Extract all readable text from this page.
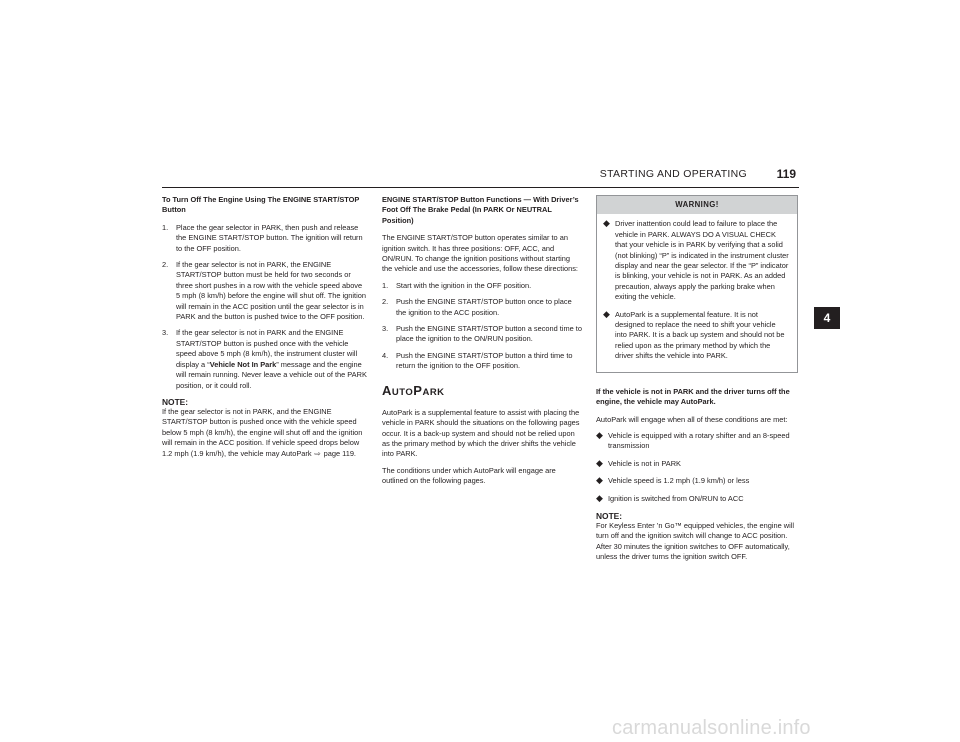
STARTING AND OPERATING 119
To Turn Off The Engine Using The ENGINE START/STOP Button
1. Place the gear selector in PARK, then push and release the ENGINE START/STOP button. The ignition will return to the OFF position.
2. If the gear selector is not in PARK, the ENGINE START/STOP button must be held for two seconds or three short pushes in a row with the vehicle speed above 5 mph (8 km/h) before the engine will shut off. The ignition will remain in the ACC position until the gear selector is in PARK and the button is pushed twice to the OFF position.
3. If the gear selector is not in PARK and the ENGINE START/STOP button is pushed once with the vehicle speed above 5 mph (8 km/h), the instrument cluster will display a “Vehicle Not In Park” message and the engine will remain running. Never leave a vehicle out of the PARK position, or it could roll.
NOTE:
If the gear selector is not in PARK, and the ENGINE START/STOP button is pushed once with the vehicle speed below 5 mph (8 km/h), the engine will shut off and the ignition will remain in the ACC position. If vehicle speed drops below 1.2 mph (1.9 km/h), the vehicle may AutoPark ⇨ page 119.
ENGINE START/STOP Button Functions — With Driver’s Foot Off The Brake Pedal (In PARK Or NEUTRAL Position)

The ENGINE START/STOP button operates similar to an ignition switch. It has three positions: OFF, ACC, and ON/RUN. To change the ignition positions without starting the vehicle and use the accessories, follow these directions:

1. Start with the ignition in the OFF position.
2. Push the ENGINE START/STOP button once to place the ignition to the ACC position.
3. Push the ENGINE START/STOP button a second time to place the ignition to the ON/RUN position.
4. Push the ENGINE START/STOP button a third time to return the ignition to the OFF position.
AUTOPARK

AutoPark is a supplemental feature to assist with placing the vehicle in PARK should the situations on the following pages occur. It is a back-up system and should not be relied upon as the primary method by which the driver shifts the vehicle into PARK.

The conditions under which AutoPark will engage are outlined on the following pages.

WARNING!
◆ Driver inattention could lead to failure to place the vehicle in PARK. ALWAYS DO A VISUAL CHECK that your vehicle is in PARK by verifying that a solid (not blinking) “P” is indicated in the instrument cluster display and near the gear selector. If the “P” indicator is blinking, your vehicle is not in PARK. As an added precaution, always apply the parking brake when exiting the vehicle.
◆ AutoPark is a supplemental feature. It is not designed to replace the need to shift your vehicle into PARK. It is a back up system and should not be relied upon as the primary method by which the driver shifts the vehicle into PARK.
If the vehicle is not in PARK and the driver turns off the engine, the vehicle may AutoPark.

AutoPark will engage when all of these conditions are met:

◆ Vehicle is equipped with a rotary shifter and an 8-speed transmission
◆ Vehicle is not in PARK
◆ Vehicle speed is 1.2 mph (1.9 km/h) or less
◆ Ignition is switched from ON/RUN to ACC
NOTE:
For Keyless Enter ’n Go™ equipped vehicles, the engine will turn off and the ignition switch will change to ACC position. After 30 minutes the ignition switches to OFF automatically, unless the driver turns the ignition switch OFF.
4
carmanualsonline.info
